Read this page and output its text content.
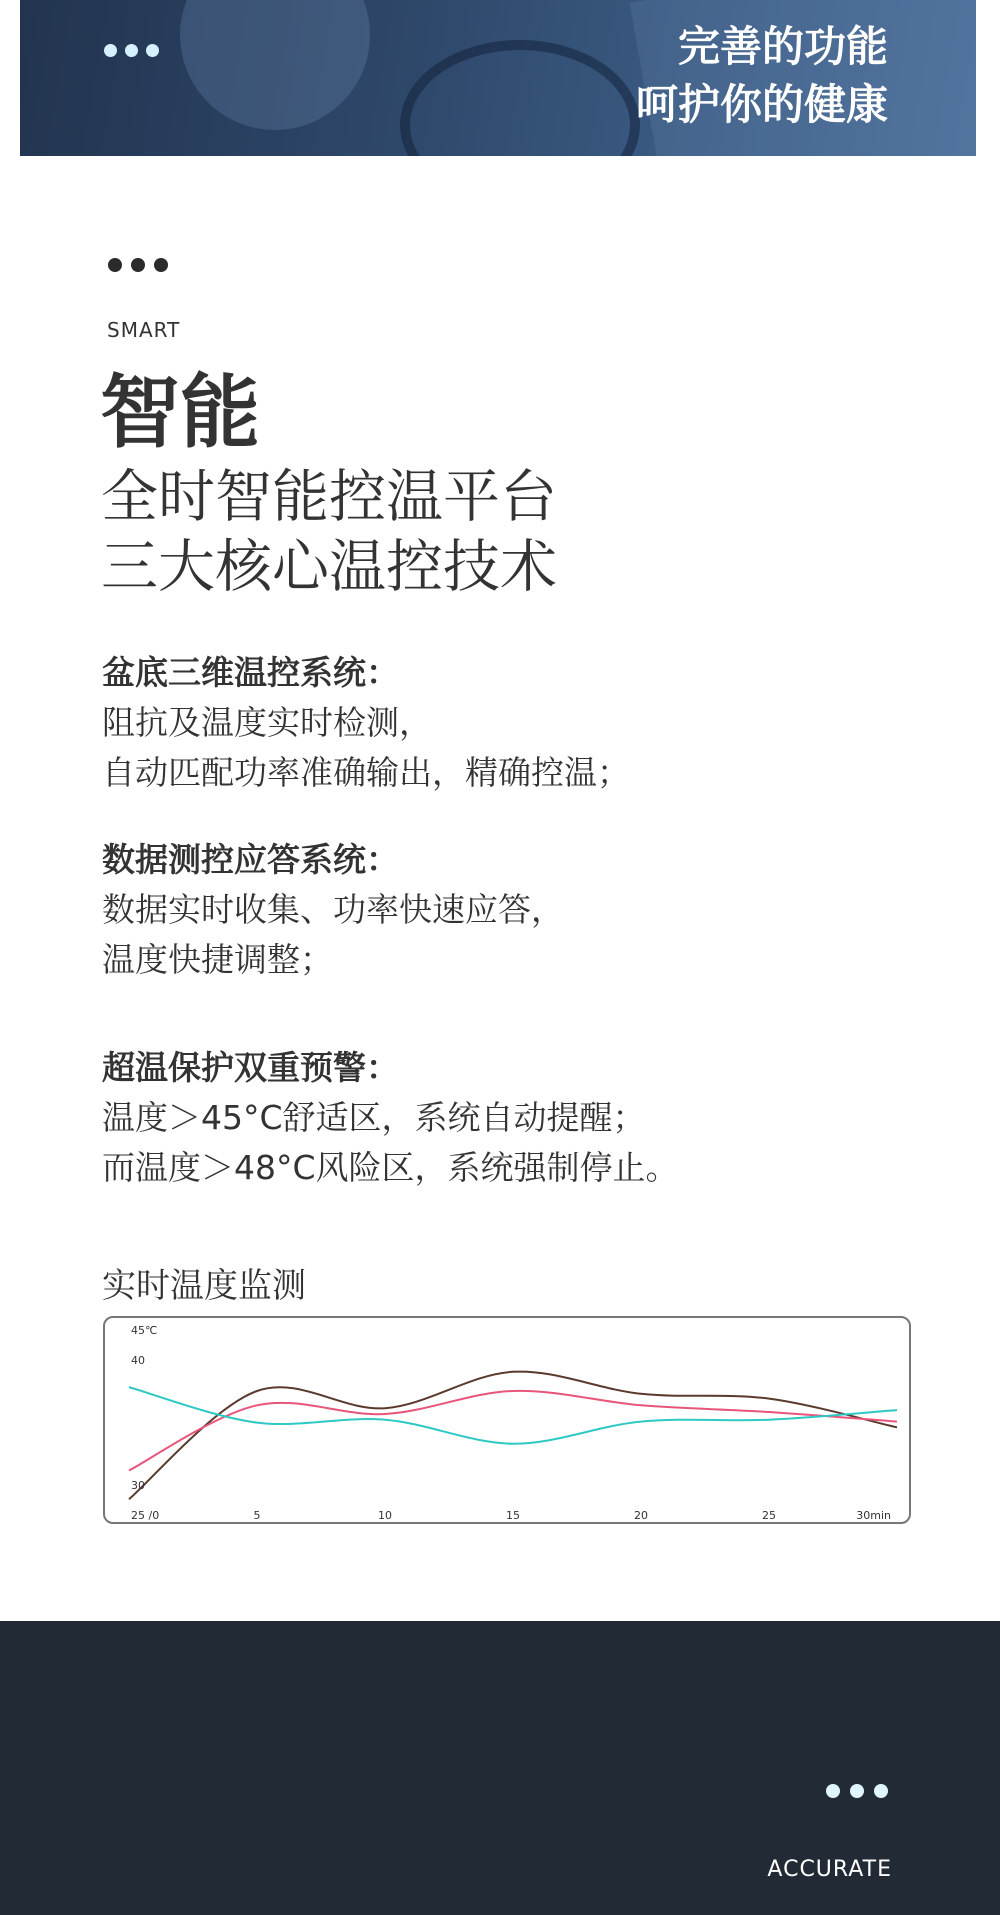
完善的功能
呵护你的健康
SMART
智能
全时智能控温平台
三大核心温控技术
盆底三维温控系统：
阻抗及温度实时检测，
自动匹配功率准确输出，精确控温；
数据测控应答系统：
数据实时收集、功率快速应答，
温度快捷调整；
超温保护双重预警：
温度＞45°C舒适区，系统自动提醒；
而温度＞48°C风险区，系统强制停止。
实时温度监测
45℃
40
30
25 /0	5	10	15	20	25	30min
ACCURATE
